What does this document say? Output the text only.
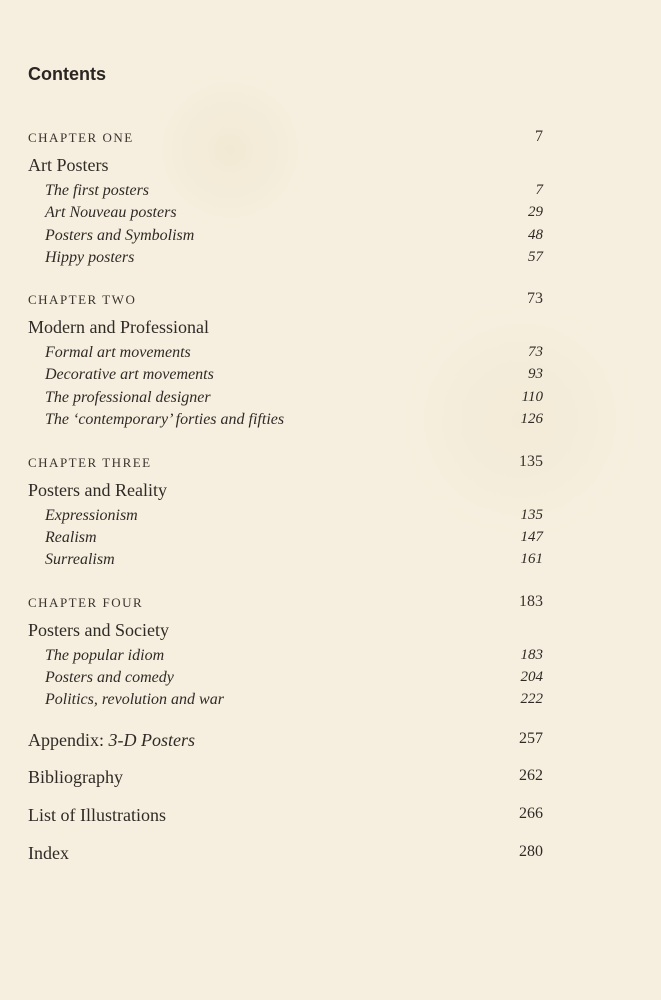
Contents
CHAPTER ONE	7
Art Posters
The first posters	7
Art Nouveau posters	29
Posters and Symbolism	48
Hippy posters	57
CHAPTER TWO	73
Modern and Professional
Formal art movements	73
Decorative art movements	93
The professional designer	110
The ‘contemporary’ forties and fifties	126
CHAPTER THREE	135
Posters and Reality
Expressionism	135
Realism	147
Surrealism	161
CHAPTER FOUR	183
Posters and Society
The popular idiom	183
Posters and comedy	204
Politics, revolution and war	222
Appendix: 3-D Posters	257
Bibliography	262
List of Illustrations	266
Index	280
